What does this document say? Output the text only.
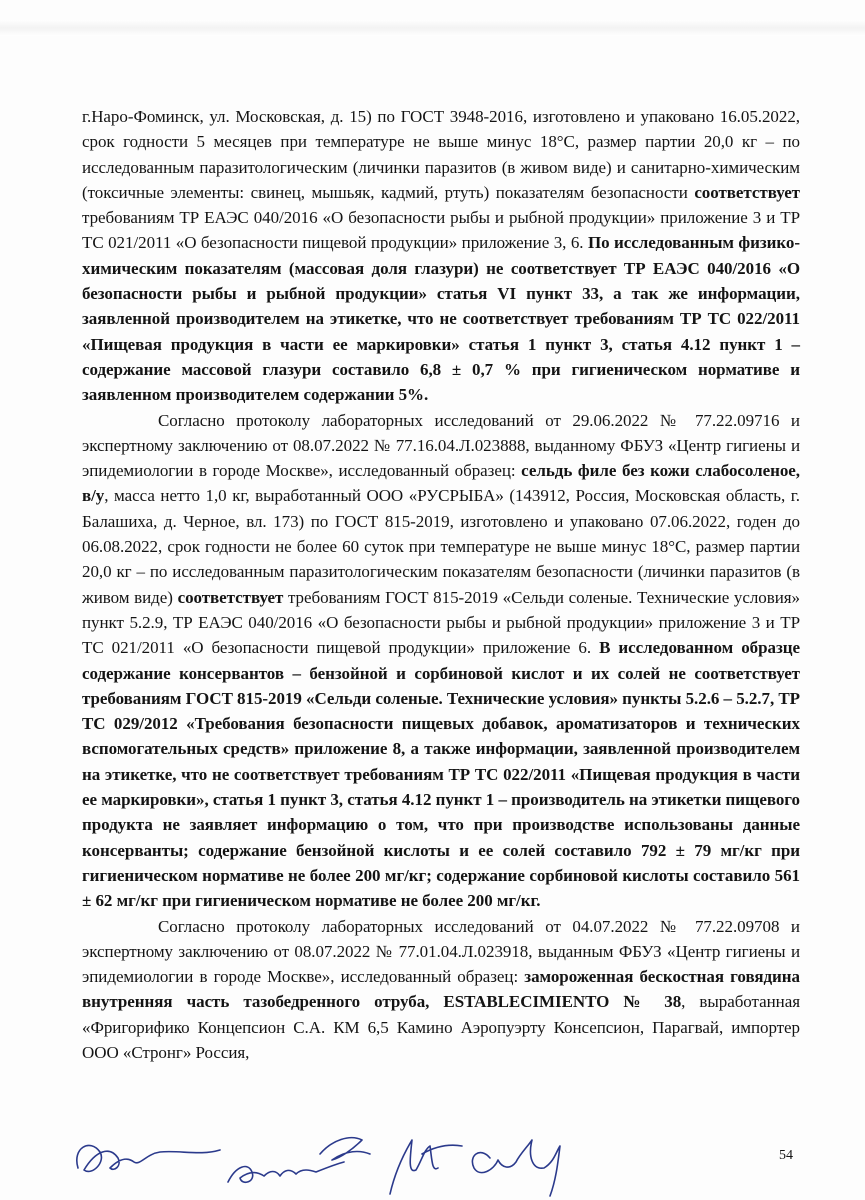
г.Наро-Фоминск, ул. Московская, д. 15) по ГОСТ 3948-2016, изготовлено и упаковано 16.05.2022, срок годности 5 месяцев при температуре не выше минус 18°С, размер партии 20,0 кг – по исследованным паразитологическим (личинки паразитов (в живом виде) и санитарно-химическим (токсичные элементы: свинец, мышьяк, кадмий, ртуть) показателям безопасности соответствует требованиям ТР ЕАЭС 040/2016 «О безопасности рыбы и рыбной продукции» приложение 3 и ТР ТС 021/2011 «О безопасности пищевой продукции» приложение 3, 6. По исследованным физико-химическим показателям (массовая доля глазури) не соответствует ТР ЕАЭС 040/2016 «О безопасности рыбы и рыбной продукции» статья VI пункт 33, а так же информации, заявленной производителем на этикетке, что не соответствует требованиям ТР ТС 022/2011 «Пищевая продукция в части ее маркировки» статья 1 пункт 3, статья 4.12 пункт 1 – содержание массовой глазури составило 6,8 ± 0,7 % при гигиеническом нормативе и заявленном производителем содержании 5%.

Согласно протоколу лабораторных исследований от 29.06.2022 № 77.22.09716 и экспертному заключению от 08.07.2022 № 77.16.04.Л.023888, выданному ФБУЗ «Центр гигиены и эпидемиологии в городе Москве», исследованный образец: сельдь филе без кожи слабосоленое, в/у, масса нетто 1,0 кг, выработанный ООО «РУСРЫБА» (143912, Россия, Московская область, г. Балашиха, д. Черное, вл. 173) по ГОСТ 815-2019, изготовлено и упаковано 07.06.2022, годен до 06.08.2022, срок годности не более 60 суток при температуре не выше минус 18°С, размер партии 20,0 кг – по исследованным паразитологическим показателям безопасности (личинки паразитов (в живом виде) соответствует требованиям ГОСТ 815-2019 «Сельди соленые. Технические условия» пункт 5.2.9, ТР ЕАЭС 040/2016 «О безопасности рыбы и рыбной продукции» приложение 3 и ТР ТС 021/2011 «О безопасности пищевой продукции» приложение 6. В исследованном образце содержание консервантов – бензойной и сорбиновой кислот и их солей не соответствует требованиям ГОСТ 815-2019 «Сельди соленые. Технические условия» пункты 5.2.6 – 5.2.7, ТР ТС 029/2012 «Требования безопасности пищевых добавок, ароматизаторов и технических вспомогательных средств» приложение 8, а также информации, заявленной производителем на этикетке, что не соответствует требованиям ТР ТС 022/2011 «Пищевая продукция в части ее маркировки», статья 1 пункт 3, статья 4.12 пункт 1 – производитель на этикетки пищевого продукта не заявляет информацию о том, что при производстве использованы данные консерванты; содержание бензойной кислоты и ее солей составило 792 ± 79 мг/кг при гигиеническом нормативе не более 200 мг/кг; содержание сорбиновой кислоты составило 561 ± 62 мг/кг при гигиеническом нормативе не более 200 мг/кг.

Согласно протоколу лабораторных исследований от 04.07.2022 № 77.22.09708 и экспертному заключению от 08.07.2022 № 77.01.04.Л.023918, выданным ФБУЗ «Центр гигиены и эпидемиологии в городе Москве», исследованный образец: замороженная бескостная говядина внутренняя часть тазобедренного отруба, ESTABLECIMIENTO № 38, выработанная «Фригорифико Концепсион С.А. КМ 6,5 Камино Аэропуэрту Консепсион, Парагвай, импортер ООО «Стронг» Россия,

54
